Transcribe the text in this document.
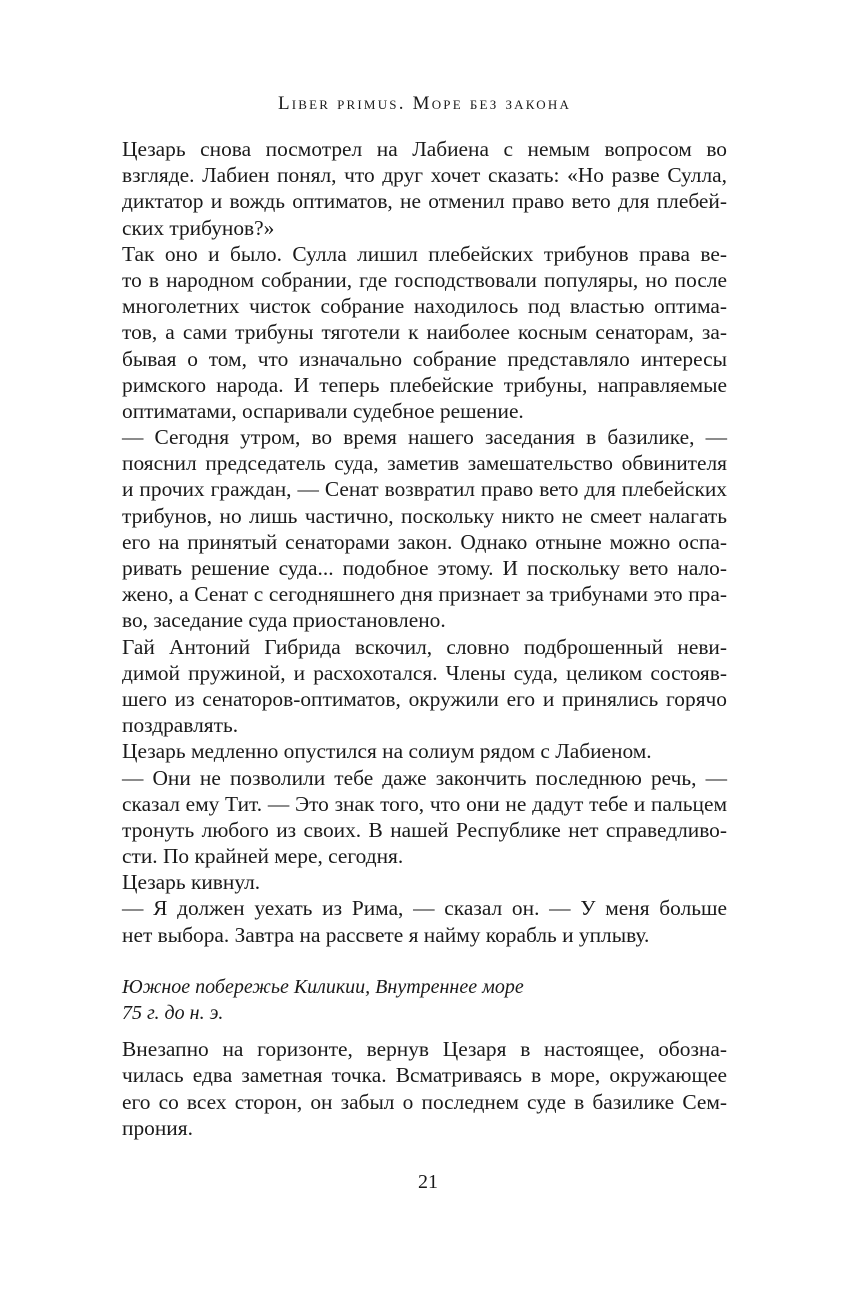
Liber primus. Море без закона

Цезарь снова посмотрел на Лабиена с немым вопросом во
взгляде. Лабиен понял, что друг хочет сказать: «Но разве Сулла,
диктатор и вождь оптиматов, не отменил право вето для плебей-
ских трибунов?»

Так оно и было. Сулла лишил плебейских трибунов права ве-
то в народном собрании, где господствовали популяры, но после
многолетних чисток собрание находилось под властью оптима-
тов, а сами трибуны тяготели к наиболее косным сенаторам, за-
бывая о том, что изначально собрание представляло интересы
римского народа. И теперь плебейские трибуны, направляемые
оптиматами, оспаривали судебное решение.

— Сегодня утром, во время нашего заседания в базилике, —
пояснил председатель суда, заметив замешательство обвинителя
и прочих граждан, — Сенат возвратил право вето для плебейских
трибунов, но лишь частично, поскольку никто не смеет налагать
его на принятый сенаторами закон. Однако отныне можно оспа-
ривать решение суда... подобное этому. И поскольку вето нало-
жено, а Сенат с сегодняшнего дня признает за трибунами это пра-
во, заседание суда приостановлено.

Гай Антоний Гибрида вскочил, словно подброшенный неви-
димой пружиной, и расхохотался. Члены суда, целиком состояв-
шего из сенаторов-оптиматов, окружили его и принялись горячо
поздравлять.

Цезарь медленно опустился на солиум рядом с Лабиеном.

— Они не позволили тебе даже закончить последнюю речь, —
сказал ему Тит. — Это знак того, что они не дадут тебе и пальцем
тронуть любого из своих. В нашей Республике нет справедливо-
сти. По крайней мере, сегодня.

Цезарь кивнул.

— Я должен уехать из Рима, — сказал он. — У меня больше
нет выбора. Завтра на рассвете я найму корабль и уплыву.

Южное побережье Киликии, Внутреннее море
75 г. до н. э.

Внезапно на горизонте, вернув Цезаря в настоящее, обозна-
чилась едва заметная точка. Всматриваясь в море, окружающее
его со всех сторон, он забыл о последнем суде в базилике Сем-
прония.

21
